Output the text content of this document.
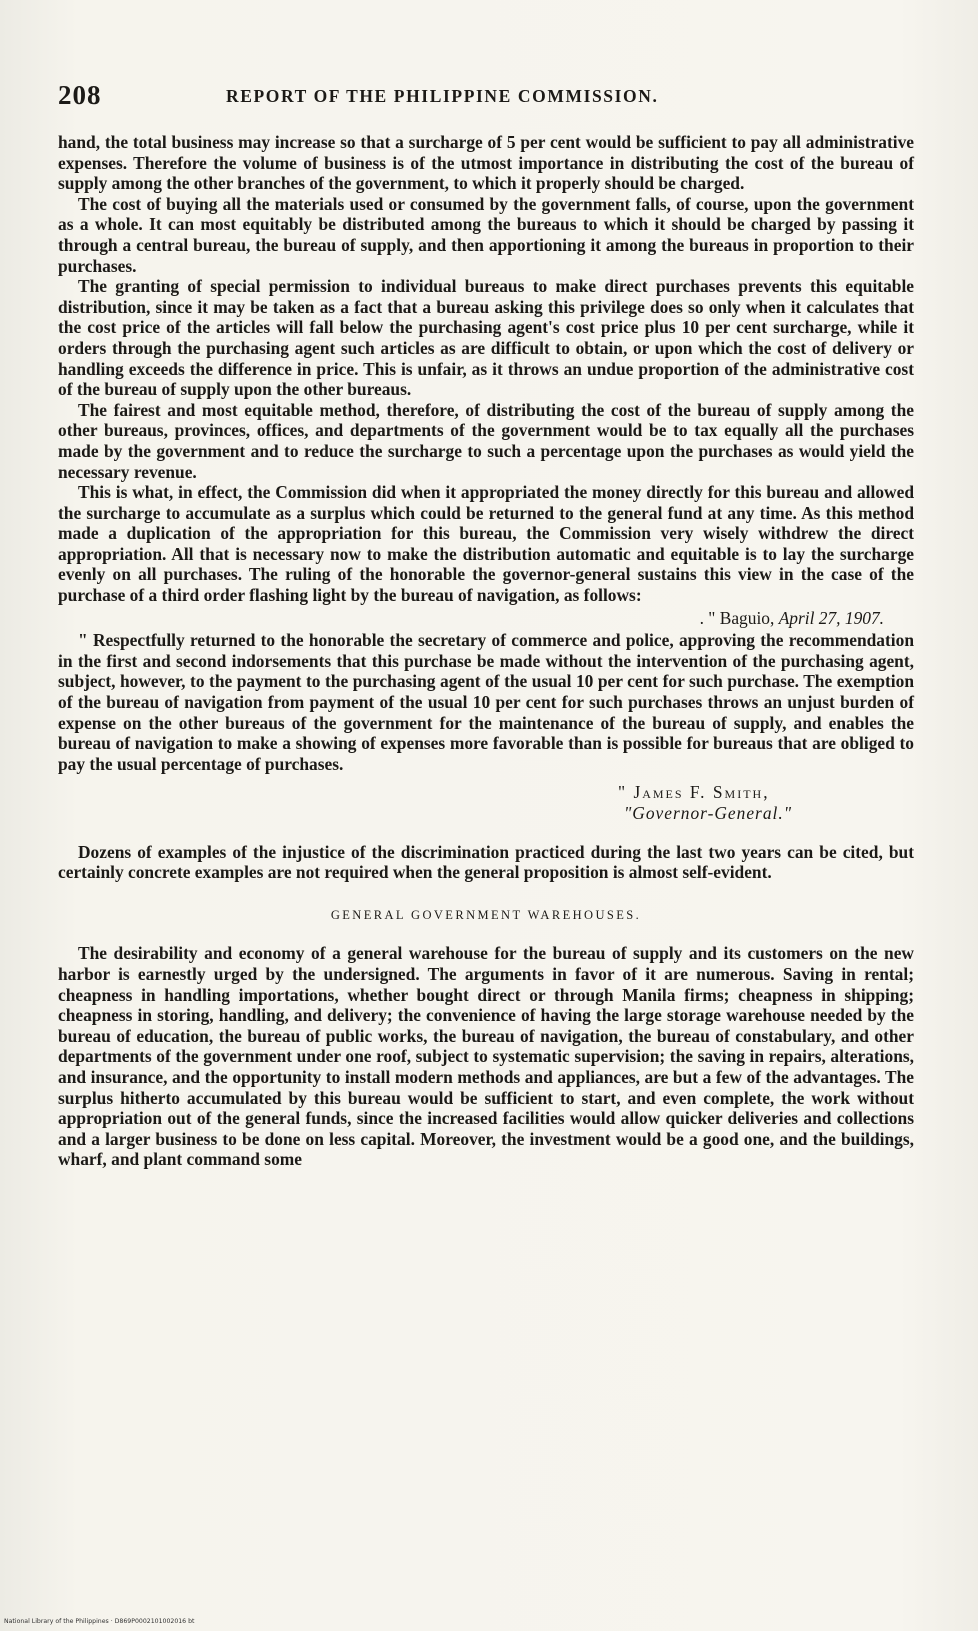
208	REPORT OF THE PHILIPPINE COMMISSION.

hand, the total business may increase so that a surcharge of 5 per cent would be sufficient to pay all administrative expenses. Therefore the volume of business is of the utmost importance in distributing the cost of the bureau of supply among the other branches of the government, to which it properly should be charged.

The cost of buying all the materials used or consumed by the government falls, of course, upon the government as a whole. It can most equitably be distributed among the bureaus to which it should be charged by passing it through a central bureau, the bureau of supply, and then apportioning it among the bureaus in proportion to their purchases.

The granting of special permission to individual bureaus to make direct purchases prevents this equitable distribution, since it may be taken as a fact that a bureau asking this privilege does so only when it calculates that the cost price of the articles will fall below the purchasing agent's cost price plus 10 per cent surcharge, while it orders through the purchasing agent such articles as are difficult to obtain, or upon which the cost of delivery or handling exceeds the difference in price. This is unfair, as it throws an undue proportion of the administrative cost of the bureau of supply upon the other bureaus.

The fairest and most equitable method, therefore, of distributing the cost of the bureau of supply among the other bureaus, provinces, offices, and departments of the government would be to tax equally all the purchases made by the government and to reduce the surcharge to such a percentage upon the purchases as would yield the necessary revenue.

This is what, in effect, the Commission did when it appropriated the money directly for this bureau and allowed the surcharge to accumulate as a surplus which could be returned to the general fund at any time. As this method made a duplication of the appropriation for this bureau, the Commission very wisely withdrew the direct appropriation. All that is necessary now to make the distribution automatic and equitable is to lay the surcharge evenly on all purchases. The ruling of the honorable the governor-general sustains this view in the case of the purchase of a third order flashing light by the bureau of navigation, as follows:

. " Baguio, April 27, 1907.

" Respectfully returned to the honorable the secretary of commerce and police, approving the recommendation in the first and second indorsements that this purchase be made without the intervention of the purchasing agent, subject, however, to the payment to the purchasing agent of the usual 10 per cent for such purchase. The exemption of the bureau of navigation from payment of the usual 10 per cent for such purchases throws an unjust burden of expense on the other bureaus of the government for the maintenance of the bureau of supply, and enables the bureau of navigation to make a showing of expenses more favorable than is possible for bureaus that are obliged to pay the usual percentage of purchases.

" James F. Smith,
"Governor-General."

Dozens of examples of the injustice of the discrimination practiced during the last two years can be cited, but certainly concrete examples are not required when the general proposition is almost self-evident.

GENERAL GOVERNMENT WAREHOUSES.

The desirability and economy of a general warehouse for the bureau of supply and its customers on the new harbor is earnestly urged by the undersigned. The arguments in favor of it are numerous. Saving in rental; cheapness in handling importations, whether bought direct or through Manila firms; cheapness in shipping; cheapness in storing, handling, and delivery; the convenience of having the large storage warehouse needed by the bureau of education, the bureau of public works, the bureau of navigation, the bureau of constabulary, and other departments of the government under one roof, subject to systematic supervision; the saving in repairs, alterations, and insurance, and the opportunity to install modern methods and appliances, are but a few of the advantages. The surplus hitherto accumulated by this bureau would be sufficient to start, and even complete, the work without appropriation out of the general funds, since the increased facilities would allow quicker deliveries and collections and a larger business to be done on less capital. Moreover, the investment would be a good one, and the buildings, wharf, and plant command some

National Library of the Philippines · D869P0002101002016 bt
